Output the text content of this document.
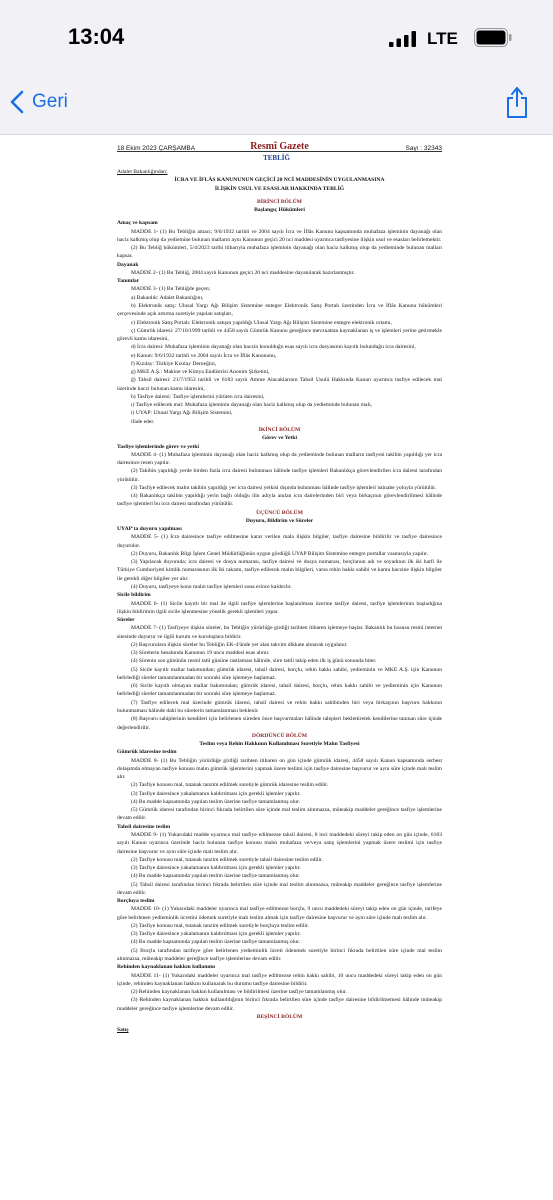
13:04	LTE
Geri
18 Ekim 2023 ÇARŞAMBA	Resmî Gazete	Sayı : 32343
TEBLİĞ

Adalet Bakanlığından:

İCRA VE İFLÂS KANUNUNUN GEÇİCİ 20 NCİ MADDESİNİN UYGULANMASINA

İLİŞKİN USUL VE ESASLAR HAKKINDA TEBLİĞ

BİRİNCİ BÖLÜM

Başlangıç Hükümleri

Amaç ve kapsam

MADDE 1- (1) Bu Tebliğin amacı; 9/6/1932 tarihli ve 2004 sayılı İcra ve İflâs Kanunu kapsamında muhafaza işleminin dayanağı olan haciz kalkmış olup da yediemine bulunan malların aynı Kanunun geçici 20 nci maddesi uyarınca tasfiyesine ilişkin usul ve esasları belirlemektir.

(2) Bu Tebliğ hükümleri, 5/4/2023 tarihi itibarıyla muhafaza işleminin dayanağı olan haciz kalkmış olup da yedieminde bulunan malları kapsar.

Dayanak

MADDE 2- (1) Bu Tebliğ, 2004 sayılı Kanunun geçici 20 nci maddesine dayanılarak hazırlanmıştır.

Tanımlar

MADDE 3- (1) Bu Tebliğde geçen;

a) Bakanlık: Adalet Bakanlığını,

b) Elektronik satış: Ulusal Yargı Ağı Bilişim Sistemine entegre Elektronik Satış Portalı üzerinden İcra ve İflâs Kanunu hükümleri çerçevesinde açık artırma suretiyle yapılan satışları,

c) Elektronik Satış Portalı: Elektronik satışın yapıldığı Ulusal Yargı Ağı Bilişim Sistemine entegre elektronik ortamı,

ç) Gümrük idaresi: 27/10/1999 tarihli ve 4458 sayılı Gümrük Kanunu gereğince mevzuattan kaynaklanan iş ve işlemleri yerine getirmekle görevli kamu idaresini,

d) İcra dairesi: Muhafaza işleminin dayanağı olan haczin konulduğu esas sayılı icra dosyasının kayıtlı bulunduğu icra dairesini,

e) Kanun: 9/6/1932 tarihli ve 2004 sayılı İcra ve İflâs Kanununu,

f) Kızılay: Türkiye Kızılay Derneğini,

g) MKE A.Ş.: Makine ve Kimya Endüstrisi Anonim Şirketini,

ğ) Tahsil dairesi: 21/7/1953 tarihli ve 6183 sayılı Amme Alacaklarının Tahsil Usulü Hakkında Kanun uyarınca tasfiye edilecek mal üzerinde haczi bulunan kamu idaresini,

h) Tasfiye dairesi: Tasfiye işlemlerini yürüten icra dairesini,

ı) Tasfiye edilecek mal: Muhafaza işleminin dayanağı olan haciz kalkmış olup da yedieminde bulunan malı,

i) UYAP: Ulusal Yargı Ağı Bilişim Sistemini,

ifade eder.

İKİNCİ BÖLÜM

Görev ve Yetki

Tasfiye işlemlerinde görev ve yetki

MADDE 4- (1) Muhafaza işleminin dayanağı olan haciz kalkmış olup da yedieminde bulunan malların tasfiyesi takibin yapıldığı yer icra dairesince resen yapılır.

(2) Takibin yapıldığı yerde birden fazla icra dairesi bulunması hâlinde tasfiye işlemleri Bakanlıkça görevlendirilen icra dairesi tarafından yürütülür.

(3) Tasfiye edilecek malın takibin yapıldığı yer icra dairesi yetkisi dışında bulunması hâlinde tasfiye işlemleri istinabe yoluyla yürütülür.

(4) Bakanlıkça takibin yapıldığı yerin bağlı olduğu ilin adıyla anılan icra dairelerinden biri veya birkaçının görevlendirilmesi hâlinde tasfiye işlemleri bu icra dairesi tarafından yürütülür.

ÜÇÜNCÜ BÖLÜM

Duyuru, Bildirim ve Süreler

UYAP'ta duyuru yapılması

MADDE 5- (1) İcra dairesince tasfiye edilmesine karar verilen mala ilişkin bilgiler, tasfiye dairesine bildirilir ve tasfiye dairesince duyurulur.

(2) Duyuru, Bakanlık Bilgi İşlem Genel Müdürlüğünün uygun gördüğü UYAP Bilişim Sistemine entegre portallar vasıtasıyla yapılır.

(3) Yapılacak duyuruda; icra dairesi ve dosya numarası, tasfiye dairesi ve dosya numarası, borçlunun adı ve soyadının ilk iki harfi ile Türkiye Cumhuriyeti kimlik numarasının ilk iki rakamı, tasfiye edilecek malın bilgileri, varsa rehin hakkı sahibi ve kamu haczine ilişkin bilgiler ile gerekli diğer bilgiler yer alır.

(4) Duyuru, tasfiyeye konu malın tasfiye işlemleri sona erince kaldırılır.

Sicile bildirim

MADDE 6- (1) Sicile kayıtlı bir mal ile ilgili tasfiye işlemlerine başlanılması üzerine tasfiye dairesi, tasfiye işlemlerinin başladığına ilişkin bildirimin ilgili sicile işlenmesine yönelik gerekli işlemleri yapar.

Süreler

MADDE 7- (1) Tasfiyeye ilişkin süreler, bu Tebliğin yürürlüğe girdiği tarihten itibaren işlemeye başlar. Bakanlık bu hususu resmî internet sitesinde duyurur ve ilgili kurum ve kuruluşlara bildirir.

(2) Başvurulara ilişkin süreler bu Tebliğin EK-4'ünde yer alan takvim dikkate alınarak uygulanır.

(3) Sürelerin hesabında Kanunun 19 uncu maddesi esas alınır.

(4) Sürenin son gününün resmî tatil gününe rastlaması hâlinde, süre tatili takip eden ilk iş günü sonunda biter.

(5) Sicile kayıtlı mallar bakımından; gümrük idaresi, tahsil dairesi, borçlu, rehin hakkı sahibi, yedieminin ve MKE A.Ş. için Kanunun belirlediği süreler tamamlanmadan bir sonraki süre işlemeye başlamaz.

(6) Sicile kayıtlı olmayan mallar bakımından; gümrük idaresi, tahsil dairesi, borçlu, rehin hakkı sahibi ve yedieminin için Kanunun belirlediği süreler tamamlanmadan bir sonraki süre işlemeye başlamaz.

(7) Tasfiye edilecek mal üzerinde gümrük idaresi, tahsil dairesi ve rehin hakkı sahibinden biri veya birkaçının başvuru hakkının bulunmaması hâlinde dahi bu sürelerin tamamlanması beklenir.

(8) Başvuru sahiplerinin kendileri için belirlenen süreden önce başvurmaları hâlinde talepleri beklettirelek kendilerine tanınan süre içinde değerlendirilir.

DÖRDÜNCÜ BÖLÜM

Teslim veya Rehin Hakkının Kullanılması Suretiyle Malın Tasfiyesi

Gümrük idaresine teslim

MADDE 8- (1) Bu Tebliğin yürürlüğe girdiği tarihten itibaren on gün içinde gümrük idaresi, 4458 sayılı Kanun kapsamında serbest dolaşımda olmayan tasfiye konusu malın gümrük işlemlerini yapmak üzere teslimi için tasfiye dairesine başvurur ve aynı süre içinde malı teslim alır.

(2) Tasfiye konusu mal, tutanak tanzim edilmek suretiyle gümrük idaresine teslim edilir.

(3) Tasfiye dairesince yakalamanın kaldırılması için gerekli işlemler yapılır.

(4) Bu madde kapsamında yapılan teslim üzerine tasfiye tamamlanmış olur.

(5) Gümrük idaresi tarafından birinci fıkrada belirtilen süre içinde mal teslim alınmazsa, müteakip maddeler gereğince tasfiye işlemlerine devam edilir.

Tahsil dairesine teslim

MADDE 9- (1) Yukarıdaki madde uyarınca mal tasfiye edilmezse tahsil dairesi, 8 inci maddedeki süreyi takip eden on gün içinde, 6183 sayılı Kanun uyarınca üzerinde haciz bulunan tasfiye konusu malın muhafaza ve/veya satış işlemlerini yapmak üzere teslimi için tasfiye dairesine başvurur ve aynı süre içinde malı teslim alır.

(2) Tasfiye konusu mal, tutanak tanzim edilmek suretiyle tahsil dairesine teslim edilir.

(3) Tasfiye dairesince yakalamanın kaldırılması için gerekli işlemler yapılır.

(4) Bu madde kapsamında yapılan teslim üzerine tasfiye tamamlanmış olur.

(5) Tahsil dairesi tarafından birinci fıkrada belirtilen süre içinde mal teslim alınmazsa, müteakip maddeler gereğince tasfiye işlemlerine devam edilir.

Borçluya teslim

MADDE 10- (1) Yukarıdaki maddeler uyarınca mal tasfiye edilmezse borçlu, 9 uncu maddedeki süreyi takip eden on gün içinde, tarifeye göre belirlenen yedieminlik ücretini ödemek suretiyle malı teslim almak için tasfiye dairesine başvurur ve aynı süre içinde malı teslim alır.

(2) Tasfiye konusu mal, tutanak tanzim edilmek suretiyle borçluya teslim edilir.

(3) Tasfiye dairesince yakalamanın kaldırılması için gerekli işlemler yapılır.

(4) Bu madde kapsamında yapılan teslim üzerine tasfiye tamamlanmış olur.

(5) Borçlu tarafından tarifeye göre belirlenen yedieminlik ücreti ödenmek suretiyle birinci fıkrada belirtilen süre içinde mal teslim alınmazsa, müteakip maddeler gereğince tasfiye işlemlerine devam edilir.

Rehinden kaynaklanan hakkın kullanımı

MADDE 11- (1) Yukarıdaki maddeler uyarınca mal tasfiye edilmezse rehin hakkı sahibi, 10 uncu maddedeki süreyi takip eden on gün içinde, rehinden kaynaklanan hakkını kullanarak bu durumu tasfiye dairesine bildirir.

(2) Rehinden kaynaklanan hakkın kullanılması ve bildirilmesi üzerine tasfiye tamamlanmış olur.

(3) Rehinden kaynaklanan hakkın kullanıldığının birinci fıkrada belirtilen süre içinde tasfiye dairesine bildirilmemesi hâlinde müteakip maddeler gereğince tasfiye işlemlerine devam edilir.

BEŞİNCİ BÖLÜM

Satış
